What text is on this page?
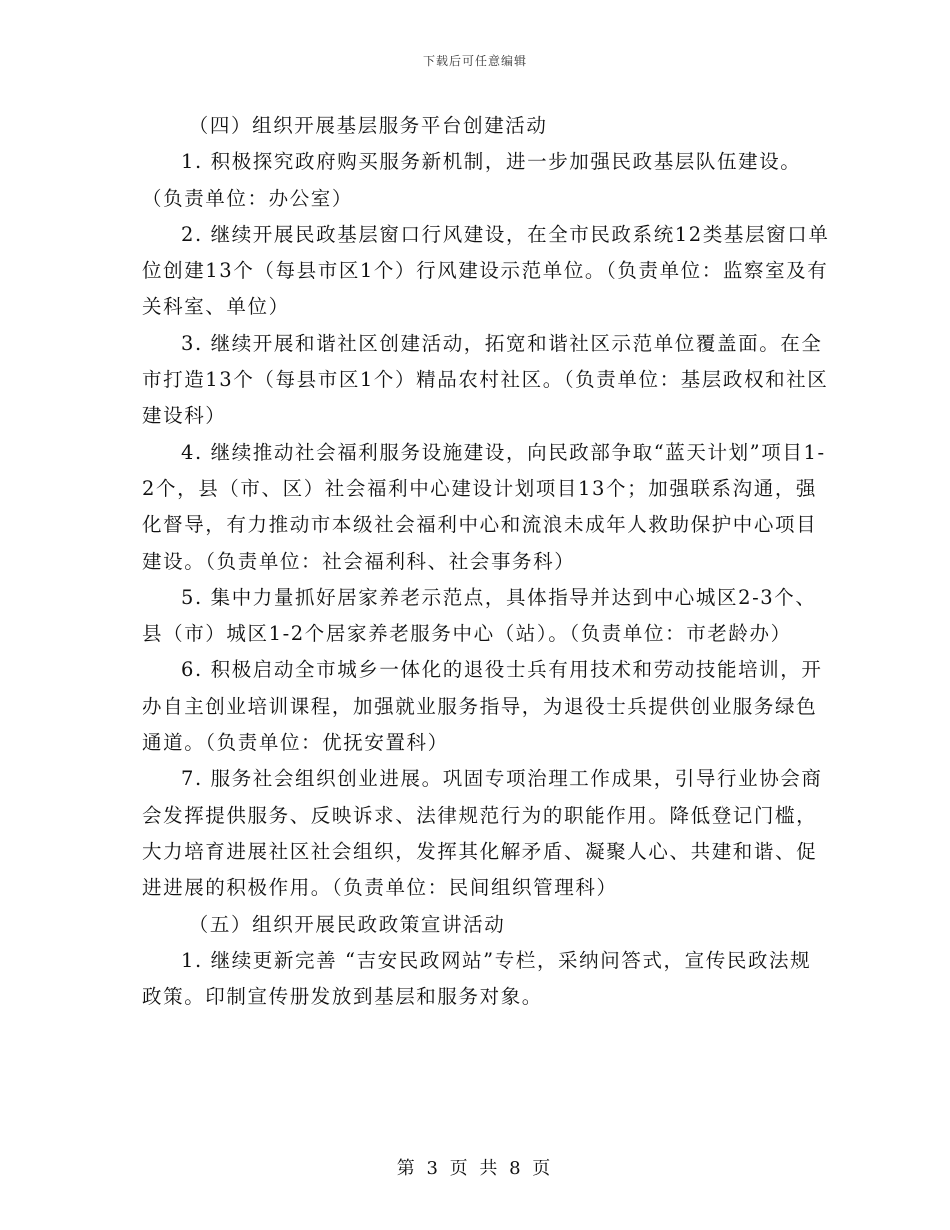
下载后可任意编辑

（四）组织开展基层服务平台创建活动

1. 积极探究政府购买服务新机制，进一步加强民政基层队伍建设。（负责单位：办公室）

2. 继续开展民政基层窗口行风建设，在全市民政系统12类基层窗口单位创建13个（每县市区1个）行风建设示范单位。（负责单位：监察室及有关科室、单位）

3. 继续开展和谐社区创建活动，拓宽和谐社区示范单位覆盖面。在全市打造13个（每县市区1个）精品农村社区。（负责单位：基层政权和社区建设科）

4. 继续推动社会福利服务设施建设，向民政部争取“蓝天计划”项目1-2个，县（市、区）社会福利中心建设计划项目13个；加强联系沟通，强化督导，有力推动市本级社会福利中心和流浪未成年人救助保护中心项目建设。（负责单位：社会福利科、社会事务科）

5. 集中力量抓好居家养老示范点，具体指导并达到中心城区2-3个、县（市）城区1-2个居家养老服务中心（站）。（负责单位：市老龄办）

6. 积极启动全市城乡一体化的退役士兵有用技术和劳动技能培训，开办自主创业培训课程，加强就业服务指导，为退役士兵提供创业服务绿色通道。（负责单位：优抚安置科）

7. 服务社会组织创业进展。巩固专项治理工作成果，引导行业协会商会发挥提供服务、反映诉求、法律规范行为的职能作用。降低登记门槛，大力培育进展社区社会组织，发挥其化解矛盾、凝聚人心、共建和谐、促进进展的积极作用。（负责单位：民间组织管理科）

（五）组织开展民政政策宣讲活动

1. 继续更新完善 “吉安民政网站”专栏，采纳问答式，宣传民政法规政策。印制宣传册发放到基层和服务对象。

第 3 页 共 8 页
